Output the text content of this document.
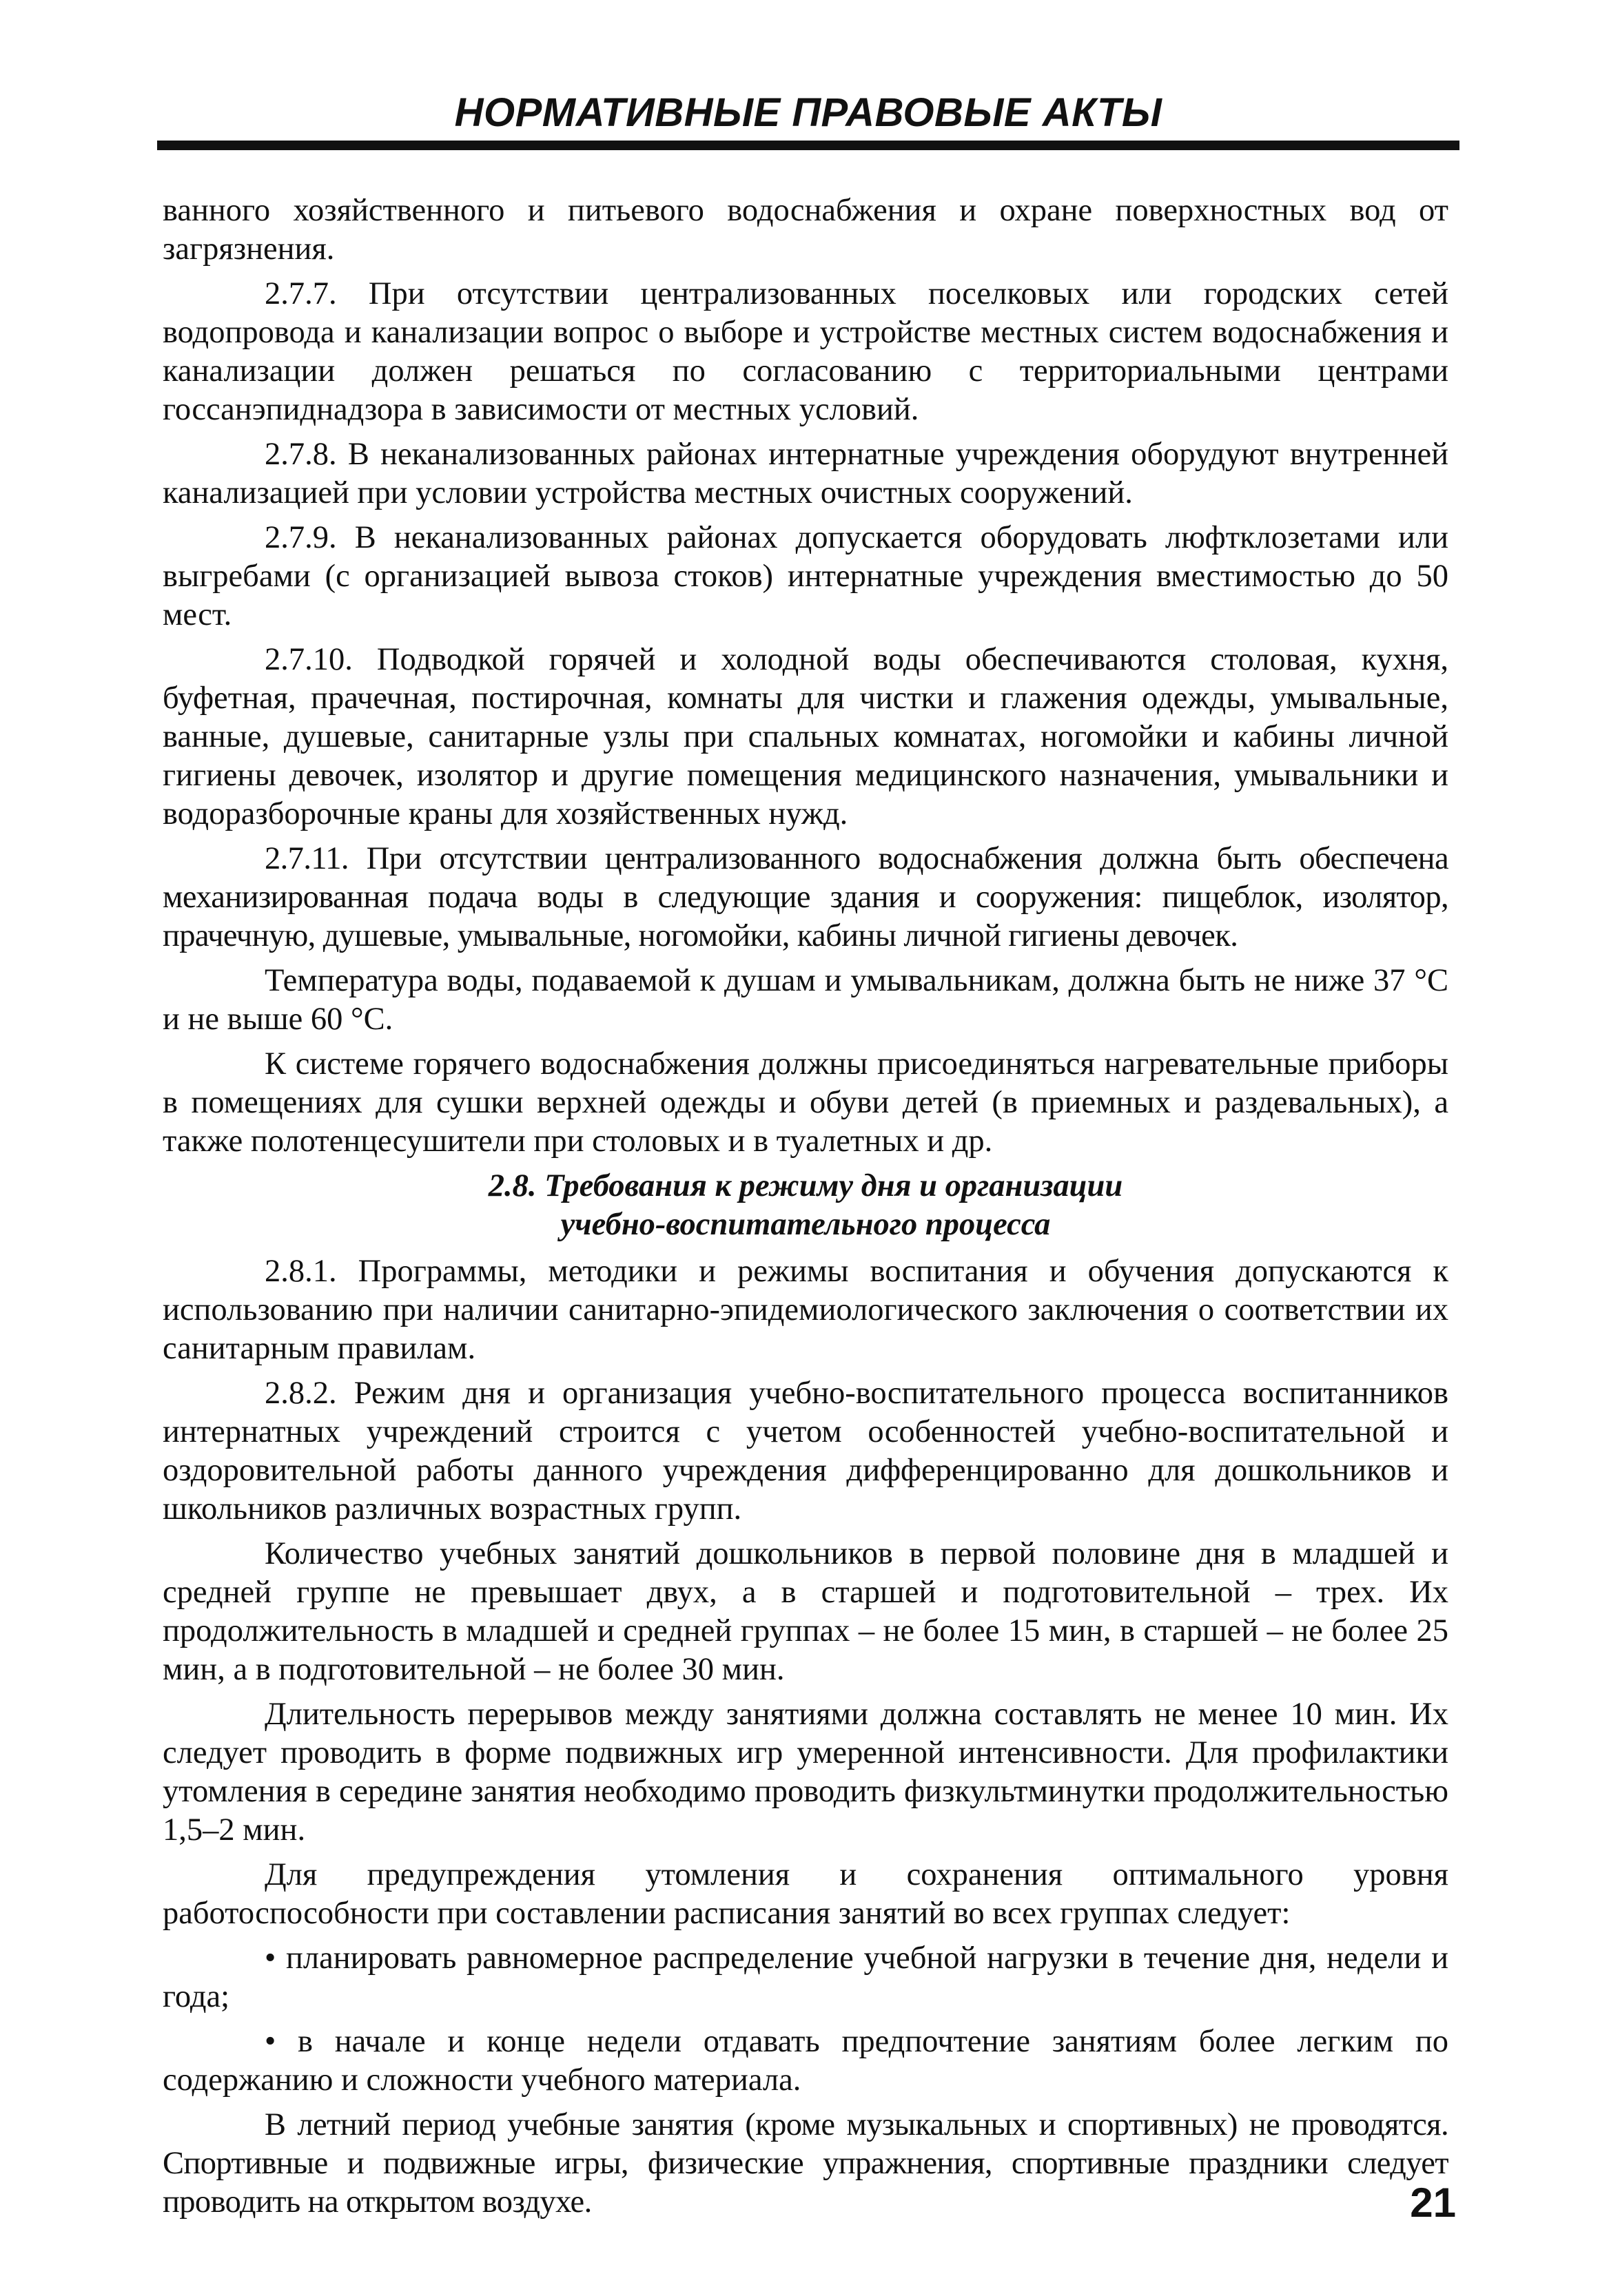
НОРМАТИВНЫЕ ПРАВОВЫЕ АКТЫ

ванного хозяйственного и питьевого водоснабжения и охране поверхностных вод от загрязнения.

2.7.7. При отсутствии централизованных поселковых или городских сетей водопровода и канализации вопрос о выборе и устройстве местных систем водоснабжения и канализации должен решаться по согласованию с территориальными центрами госсанэпиднадзора в зависимости от местных условий.

2.7.8. В неканализованных районах интернатные учреждения оборудуют внутренней канализацией при условии устройства местных очистных сооружений.

2.7.9. В неканализованных районах допускается оборудовать люфтклозетами или выгребами (с организацией вывоза стоков) интернатные учреждения вместимостью до 50 мест.

2.7.10. Подводкой горячей и холодной воды обеспечиваются столовая, кухня, буфетная, прачечная, постирочная, комнаты для чистки и глажения одежды, умывальные, ванные, душевые, санитарные узлы при спальных комнатах, ногомойки и кабины личной гигиены девочек, изолятор и другие помещения медицинского назначения, умывальники и водоразборочные краны для хозяйственных нужд.

2.7.11. При отсутствии централизованного водоснабжения должна быть обеспечена механизированная подача воды в следующие здания и сооружения: пищеблок, изолятор, прачечную, душевые, умывальные, ногомойки, кабины личной гигиены девочек.

Температура воды, подаваемой к душам и умывальникам, должна быть не ниже 37 °С и не выше 60 °С.

К системе горячего водоснабжения должны присоединяться нагревательные приборы в помещениях для сушки верхней одежды и обуви детей (в приемных и раздевальных), а также полотенцесушители при столовых и в туалетных и др.

2.8. Требования к режиму дня и организации
учебно-воспитательного процесса

2.8.1. Программы, методики и режимы воспитания и обучения допускаются к использованию при наличии санитарно-эпидемиологического заключения о соответствии их санитарным правилам.

2.8.2. Режим дня и организация учебно-воспитательного процесса воспитанников интернатных учреждений строится с учетом особенностей учебно-воспитательной и оздоровительной работы данного учреждения дифференцированно для дошкольников и школьников различных возрастных групп.

Количество учебных занятий дошкольников в первой половине дня в младшей и средней группе не превышает двух, а в старшей и подготовительной – трех. Их продолжительность в младшей и средней группах – не более 15 мин, в старшей – не более 25 мин, а в подготовительной – не более 30 мин.

Длительность перерывов между занятиями должна составлять не менее 10 мин. Их следует проводить в форме подвижных игр умеренной интенсивности. Для профилактики утомления в середине занятия необходимо проводить физкультминутки продолжительностью 1,5–2 мин.

Для предупреждения утомления и сохранения оптимального уровня работоспособности при составлении расписания занятий во всех группах следует:

• планировать равномерное распределение учебной нагрузки в течение дня, недели и года;

• в начале и конце недели отдавать предпочтение занятиям более легким по содержанию и сложности учебного материала.

В летний период учебные занятия (кроме музыкальных и спортивных) не проводятся. Спортивные и подвижные игры, физические упражнения, спортивные праздники следует проводить на открытом воздухе.	21
